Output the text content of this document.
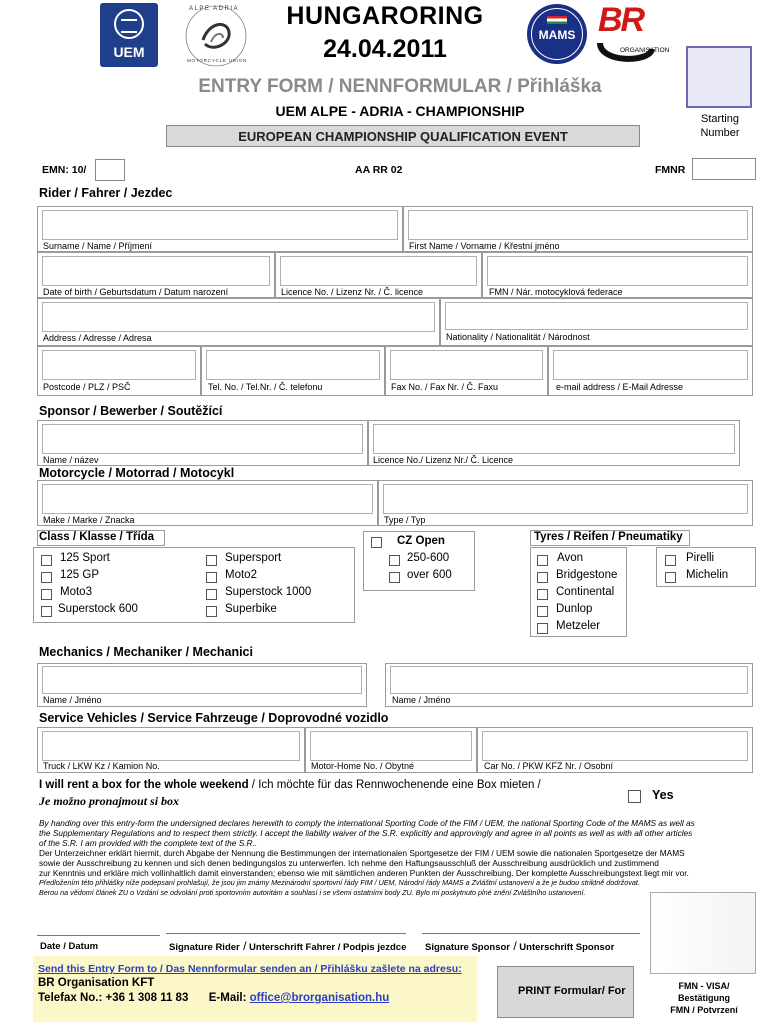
UEM
ALPE ADRIA
MOTORCYCLE UNION
HUNGARORING
24.04.2011	MAMS BR
ORGANISATION
Starting
Number
ENTRY FORM / NENNFORMULAR / Přihláška
UEM ALPE - ADRIA - CHAMPIONSHIP
EUROPEAN CHAMPIONSHIP QUALIFICATION EVENT
EMN: 10/	AA RR 02	FMNR
Rider / Fahrer / Jezdec
Surname / Name / Příjmení	First Name / Vorname / Křestní jméno
Date of birth / Geburtsdatum / Datum narození	Licence No. / Lizenz Nr. / Č. licence	FMN / Nár. motocyklová federace
Address / Adresse / Adresa	Nationality / Nationalität / Národnost
Postcode / PLZ / PSČ	Tel. No. / Tel.Nr. / Č. telefonu	Fax No. / Fax Nr. / Č. Faxu	e-mail address / E-Mail Adresse
Sponsor / Bewerber / Soutěžící
Name / název	Licence No./ Lizenz Nr./ Č. Licence
Motorcycle / Motorrad / Motocykl
Make / Marke / Znacka	Type / Typ
Class / Klasse / Třída
125 Sport
125 GP
Moto3
Superstock 600
Supersport
Moto2
Superstock 1000
Superbike
CZ Open
250-600
over 600
Tyres / Reifen / Pneumatiky
Avon
Bridgestone
Continental
Dunlop
Metzeler
Pirelli
Michelin
Mechanics / Mechaniker / Mechanici
Name / Jméno	Name / Jméno
Service Vehicles / Service Fahrzeuge / Doprovodné vozidlo
Truck / LKW Kz / Kamion No.	Motor-Home No. / Obytné	Car No. / PKW KFZ Nr. / Osobní
I will rent a box for the whole weekend / Ich möchte für das Rennwochenende eine Box mieten /
Je možno pronajmout si box	Yes
By handing over this entry-form the undersigned declares herewith to comply the international Sporting Code of the FIM / UEM, the national Sporting Code of the MAMS as well as
the Supplementary Regulations and to respect them strictly. I accept the liability waiver of the S.R. explicitly and approvingly and agree in all points as well as with all other articles
of the S.R. I am provided with the complete text of the S.R..
Der Unterzeichner erklärt hiermit, durch Abgabe der Nennung die Bestimmungen der internationalen Sportgesetze der FIM / UEM sowie die nationalen Sportgesetze der MAMS
sowie der Ausschreibung zu kennen und sich denen bedingungslos zu unterwerfen. Ich nehme den Haftungsausschluß der Ausschreibung ausdrücklich und zustimmend
zur Kenntnis und erkläre mich vollinhaltlich damit einverstanden; ebenso wie mit sämtlichen anderen Punkten der Ausschreibung. Der komplette Ausschreibungstext liegt mir vor.
Předložením této přihlášky níže podepsaní prohlašují, že jsou jim známy Mezinárodní sportovní řády FIM / UEM, Národní řády MAMS a Zvláštní ustanovení a že je budou striktně dodržovat.
Berou na vědomí článek ZU o Vzdání se odvolání proti sportovním autoritám a souhlasí i se všemi ostatními body ZU. Bylo mi poskytnuto plné znění Zvláštního ustanovení.
Date / Datum	Signature Rider / Unterschrift Fahrer / Podpis jezdce Signature Sponsor / Unterschrift Sponsor
Send this Entry Form to / Das Nennformular senden an / Přihlášku zašlete na adresu:
BR Organisation KFT
Telefax No.: +36 1 308 11 83 E-Mail: office@brorganisation.hu
PRINT Formular/ For	FMN - VISA/
Bestätigung
FMN / Potvrzení
